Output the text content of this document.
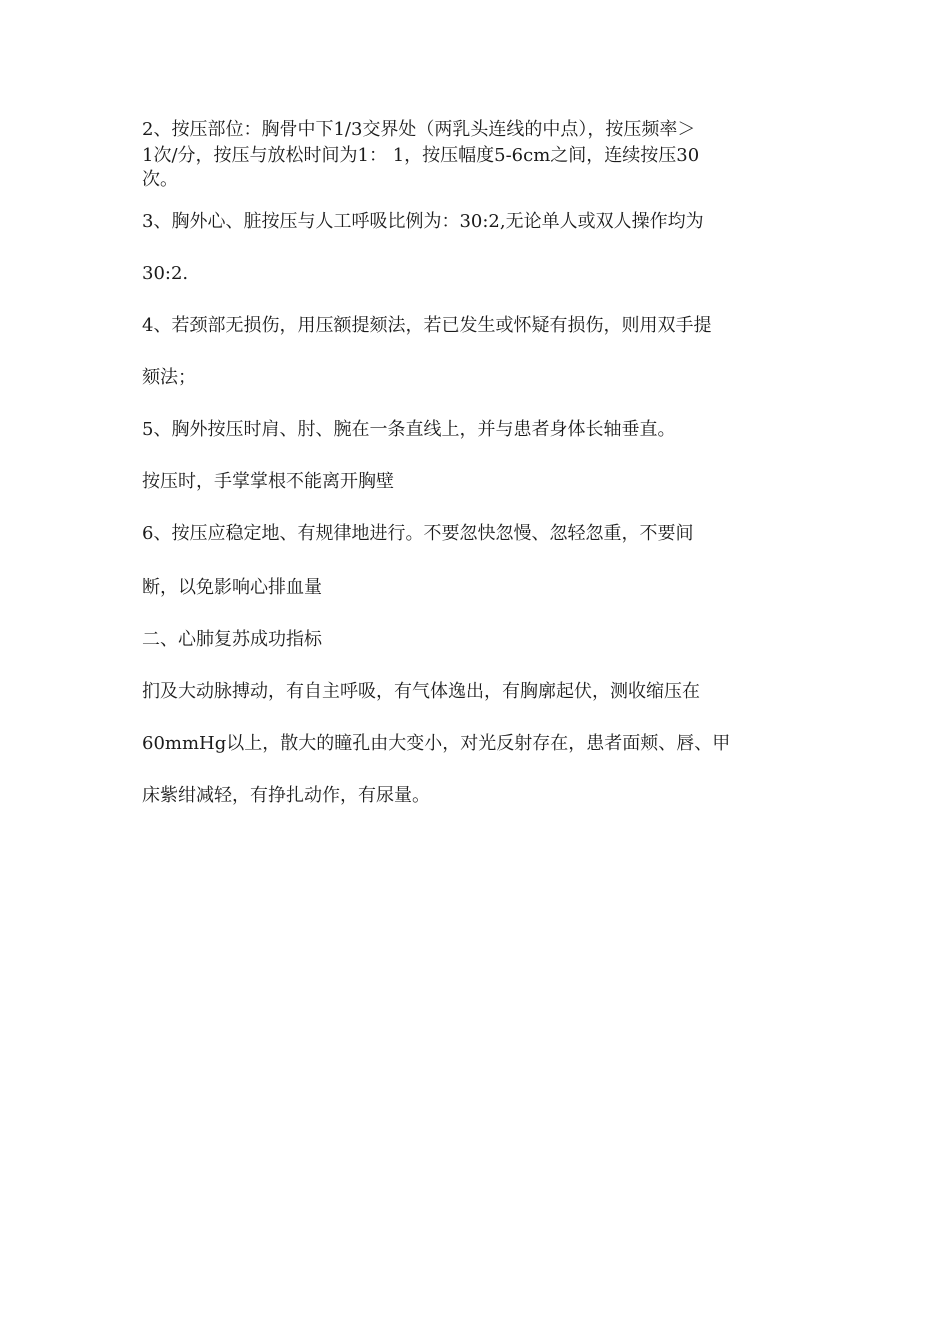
2、按压部位：胸骨中下1/3交界处（两乳头连线的中点），按压频率＞
1次/分，按压与放松时间为1： 1，按压幅度5-6cm之间，连续按压30
次。
3、胸外心、脏按压与人工呼吸比例为：30:2,无论单人或双人操作均为
30:2.
4、若颈部无损伤，用压额提颏法，若已发生或怀疑有损伤，则用双手提
颏法；
5、胸外按压时肩、肘、腕在一条直线上，并与患者身体长轴垂直。
按压时，手掌掌根不能离开胸壁
6、按压应稳定地、有规律地进行。不要忽快忽慢、忽轻忽重，不要间
断，以免影响心排血量
二、心肺复苏成功指标
扪及大动脉搏动，有自主呼吸，有气体逸出，有胸廓起伏，测收缩压在
60mmHg以上，散大的瞳孔由大变小，对光反射存在，患者面颊、唇、甲
床紫绀减轻，有挣扎动作，有尿量。
